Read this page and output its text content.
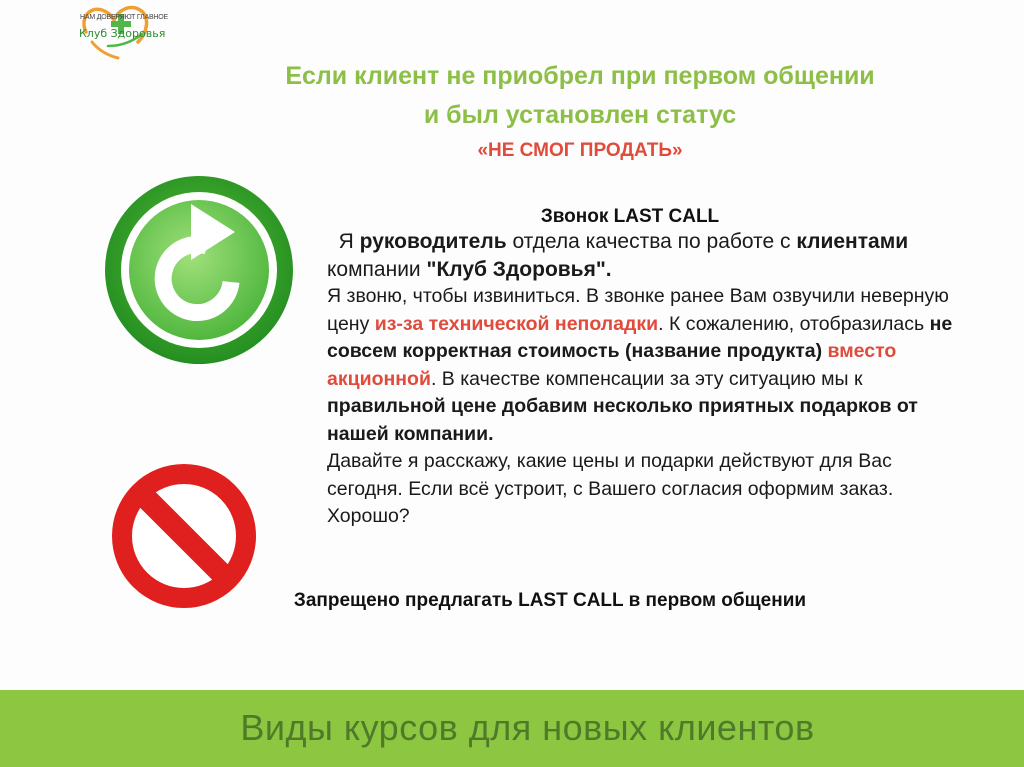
НАМ ДОВЕРЯЮТ ГЛАВНОЕ
Клуб Здоровья
Если клиент не приобрел при первом общении
и был установлен статус
«НЕ СМОГ ПРОДАТЬ»
Звонок LAST CALL
Я руководитель отдела качества по работе с клиентами компании "Клуб Здоровья".
Я звоню, чтобы извиниться. В звонке ранее Вам озвучили неверную цену из-за технической неполадки. К сожалению, отобразилась не совсем корректная стоимость (название продукта) вместо акционной. В качестве компенсации за эту ситуацию мы к правильной цене добавим несколько приятных подарков от нашей компании.
Давайте я расскажу, какие цены и подарки действуют для Вас сегодня. Если всё устроит, с Вашего согласия оформим заказ. Хорошо?
Запрещено предлагать LAST CALL в первом общении
Виды курсов для новых клиентов
